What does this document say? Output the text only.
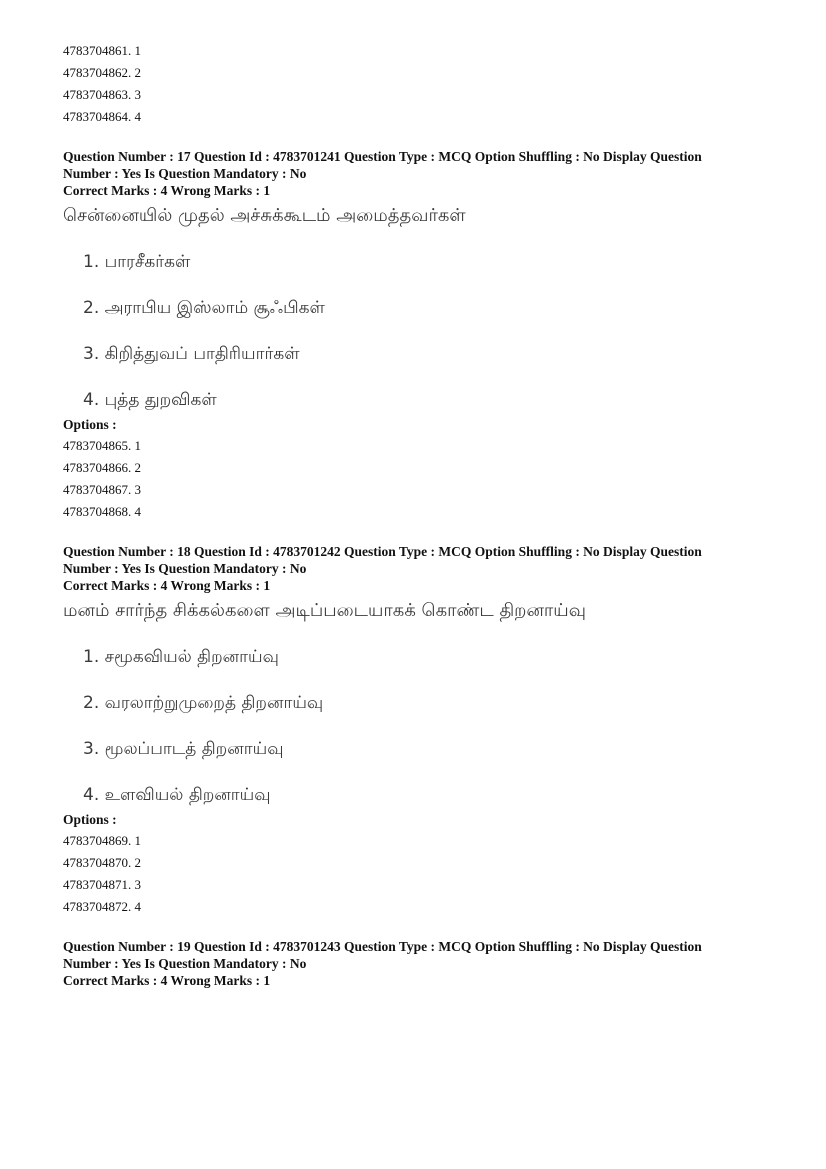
4783704861. 1
4783704862. 2
4783704863. 3
4783704864. 4
Question Number : 17 Question Id : 4783701241 Question Type : MCQ Option Shuffling : No Display Question
Number : Yes Is Question Mandatory : No
Correct Marks : 4 Wrong Marks : 1
சென்னையில் முதல் அச்சுக்கூடம் அமைத்தவர்கள்
1. பாரசீகர்கள்
2. அராபிய இஸ்லாம் சூஃபிகள்
3. கிறித்துவப் பாதிரியார்கள்
4. புத்த துறவிகள்
Options :
4783704865. 1
4783704866. 2
4783704867. 3
4783704868. 4
Question Number : 18 Question Id : 4783701242 Question Type : MCQ Option Shuffling : No Display Question
Number : Yes Is Question Mandatory : No
Correct Marks : 4 Wrong Marks : 1
மனம் சார்ந்த சிக்கல்களை அடிப்படையாகக் கொண்ட திறனாய்வு
1. சமூகவியல் திறனாய்வு
2. வரலாற்றுமுறைத் திறனாய்வு
3. மூலப்பாடத் திறனாய்வு
4. உளவியல் திறனாய்வு
Options :
4783704869. 1
4783704870. 2
4783704871. 3
4783704872. 4
Question Number : 19 Question Id : 4783701243 Question Type : MCQ Option Shuffling : No Display Question
Number : Yes Is Question Mandatory : No
Correct Marks : 4 Wrong Marks : 1
